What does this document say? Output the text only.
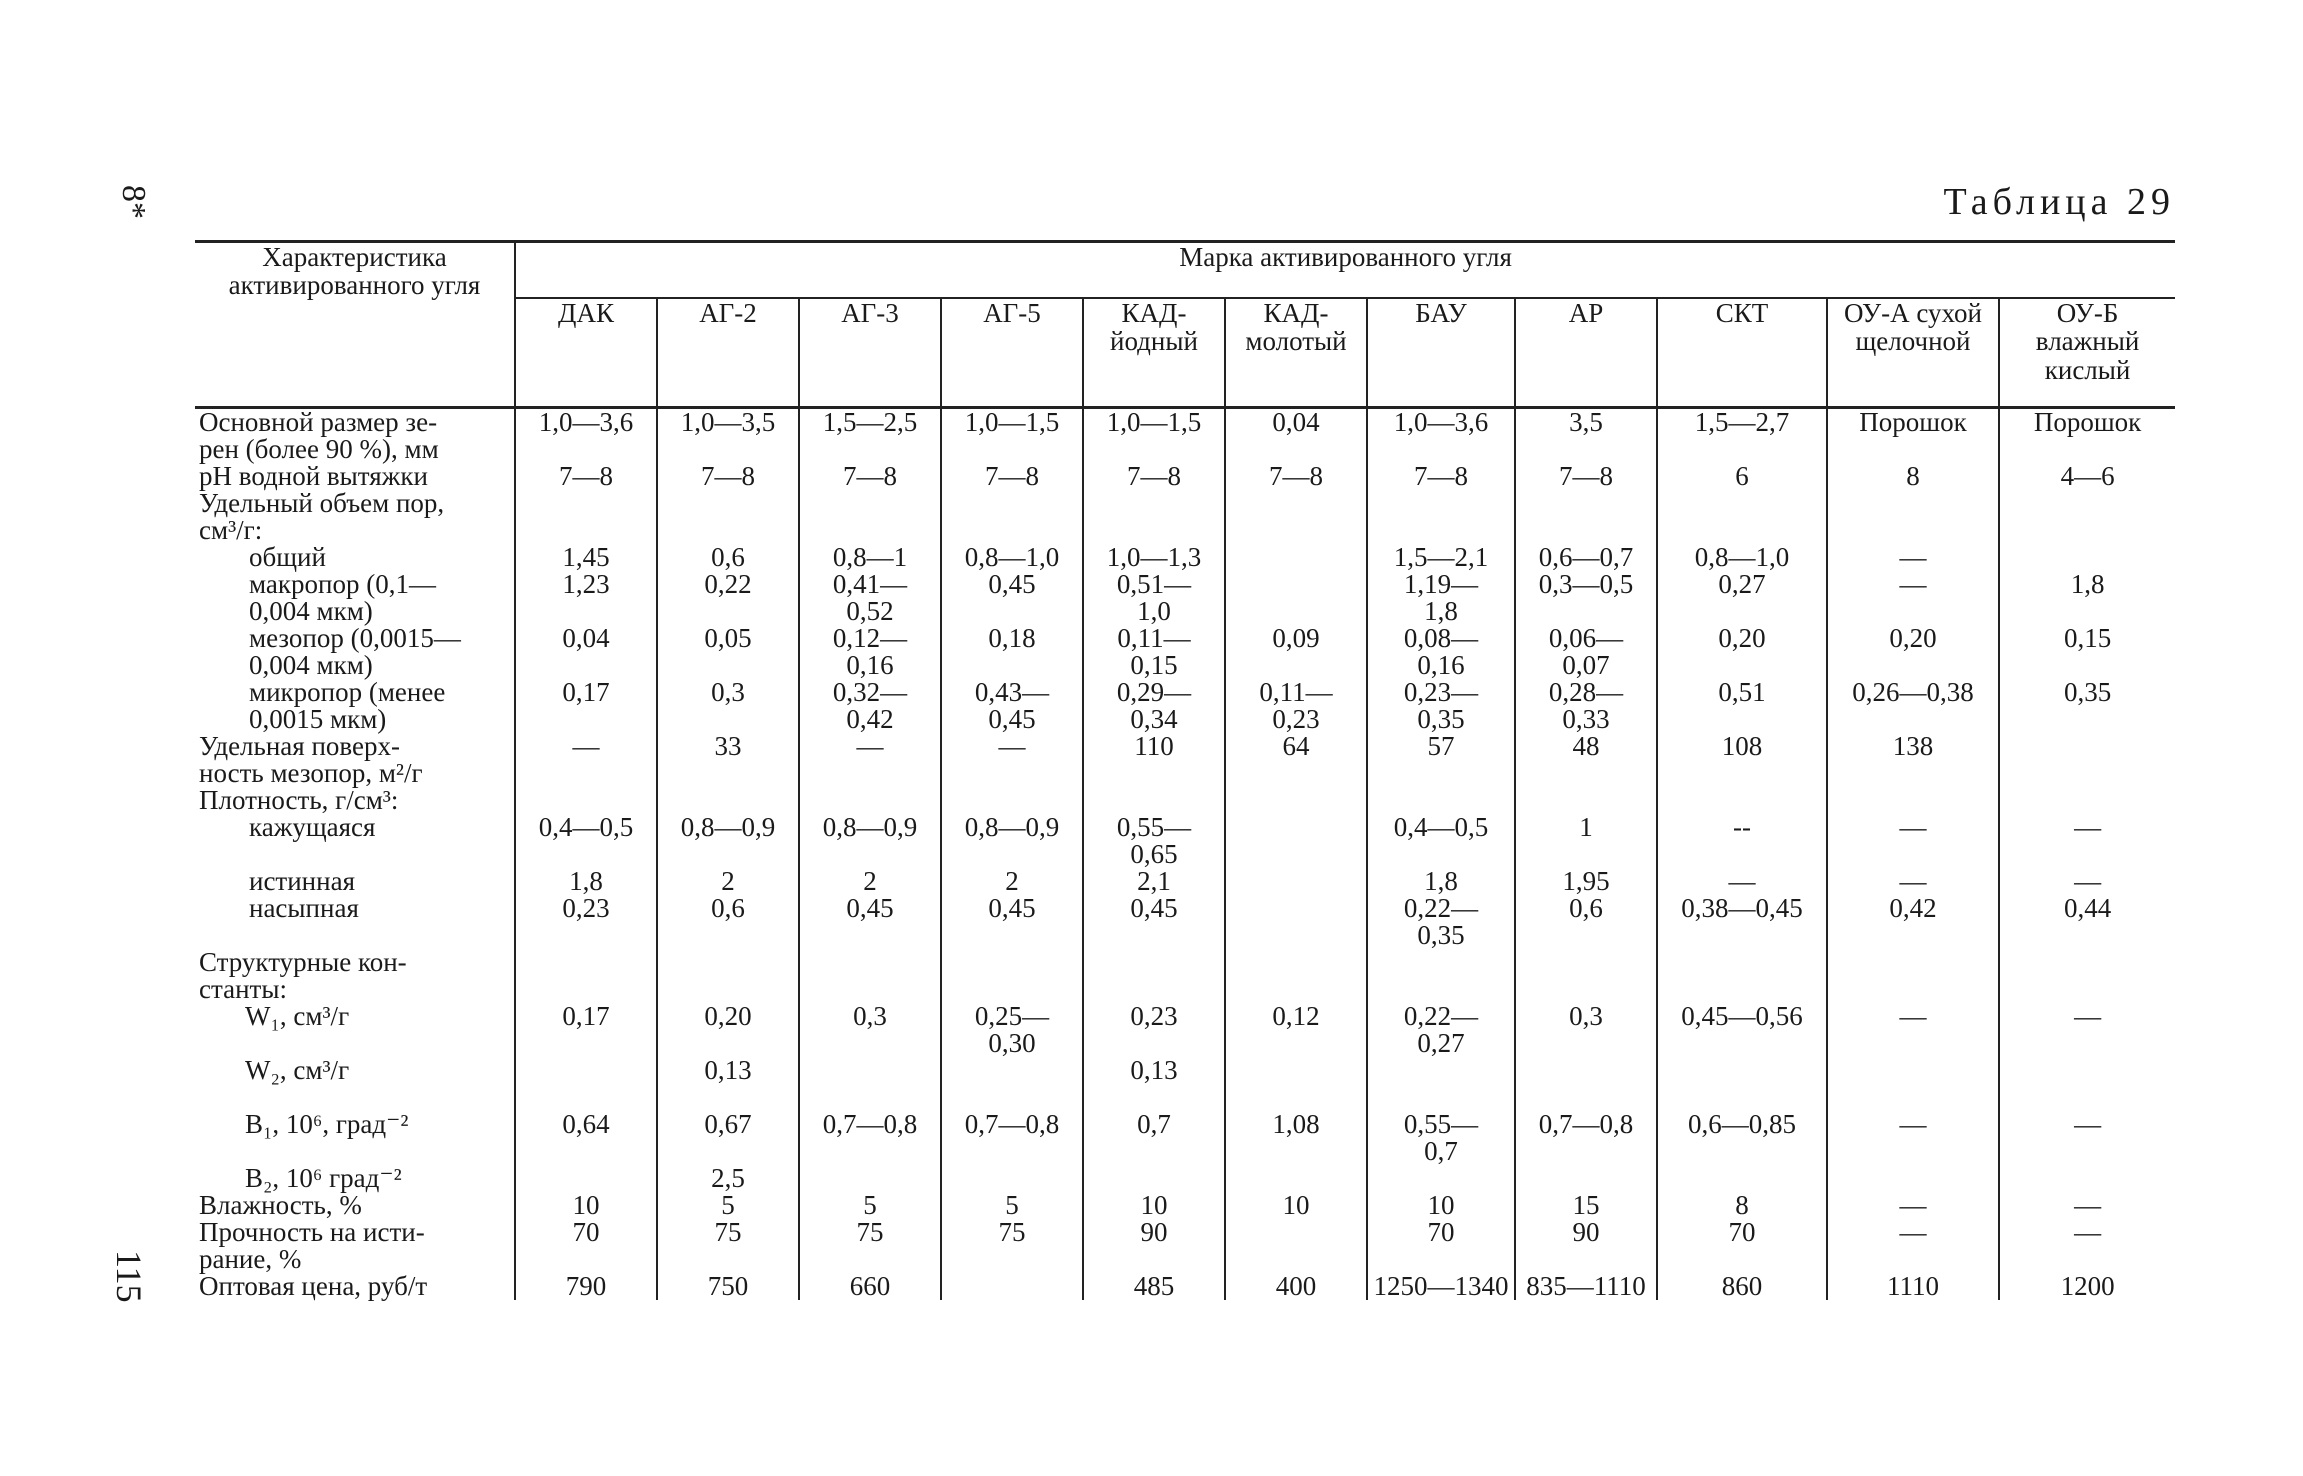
8*
115
Таблица 29
Характеристика активированного угля	Марка активированного угля										
	ДАК	АГ-2	АГ-3	АГ-5	КАД-йодный	КАД-молотый	БАУ	АР	СКТ	ОУ-А сухой щелочной	ОУ-Б влажный кислый
Основной размер зе-	1,0—3,6	1,0—3,5	1,5—2,5	1,0—1,5	1,0—1,5	0,04	1,0—3,6	3,5	1,5—2,7	Порошок	Порошок
рен (более 90 %), мм											
рН водной вытяжки	7—8	7—8	7—8	7—8	7—8	7—8	7—8	7—8	6	8	4—6
Удельный объем пор,											
см³/г:											
общий	1,45	0,6	0,8—1	0,8—1,0	1,0—1,3		1,5—2,1	0,6—0,7	0,8—1,0	—	
макропор (0,1—	1,23	0,22	0,41—	0,45	0,51—		1,19—	0,3—0,5	0,27	—	1,8
0,004 мкм)			0,52		1,0		1,8				
мезопор (0,0015—	0,04	0,05	0,12—	0,18	0,11—	0,09	0,08—	0,06—	0,20	0,20	0,15
0,004 мкм)			0,16		0,15		0,16	0,07			
микропор (менее	0,17	0,3	0,32—	0,43—	0,29—	0,11—	0,23—	0,28—	0,51	0,26—0,38	0,35
0,0015 мкм)			0,42	0,45	0,34	0,23	0,35	0,33			
Удельная поверх-	—	33	—	—	110	64	57	48	108	138	
ность мезопор, м²/г											
Плотность, г/см³:											
кажущаяся	0,4—0,5	0,8—0,9	0,8—0,9	0,8—0,9	0,55—		0,4—0,5	1	--	—	—
					0,65						
истинная	1,8	2	2	2	2,1		1,8	1,95	—	—	—
насыпная	0,23	0,6	0,45	0,45	0,45		0,22—	0,6	0,38—0,45	0,42	0,44
							0,35				
Структурные кон-											
станты:											
W₁, см³/г	0,17	0,20	0,3	0,25—	0,23	0,12	0,22—	0,3	0,45—0,56	—	—
				0,30			0,27				
W₂, см³/г		0,13			0,13						

B₁, 10⁶, град⁻²	0,64	0,67	0,7—0,8	0,7—0,8	0,7	1,08	0,55—	0,7—0,8	0,6—0,85	—	—
							0,7				
B₂, 10⁶ град⁻²		2,5									
Влажность, %	10	5	5	5	10	10	10	15	8	—	—
Прочность на исти-	70	75	75	75	90		70	90	70	—	—
рание, %											
Оптовая цена, руб/т	790	750	660		485	400	1250—1340	835—1110	860	1110	1200
